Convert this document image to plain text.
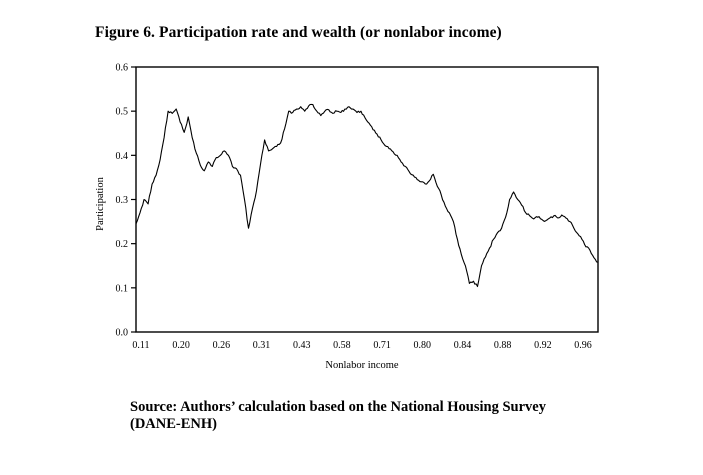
Figure 6. Participation rate and wealth (or nonlabor income)
0.0
0.1
0.2
0.3
0.4
0.5
0.6
0.11 0.20 0.26 0.31 0.43 0.58 0.71 0.80 0.84 0.88 0.92 0.96
Participation
Nonlabor income
Source: Authors’ calculation based on the National Housing Survey
(DANE-ENH)
